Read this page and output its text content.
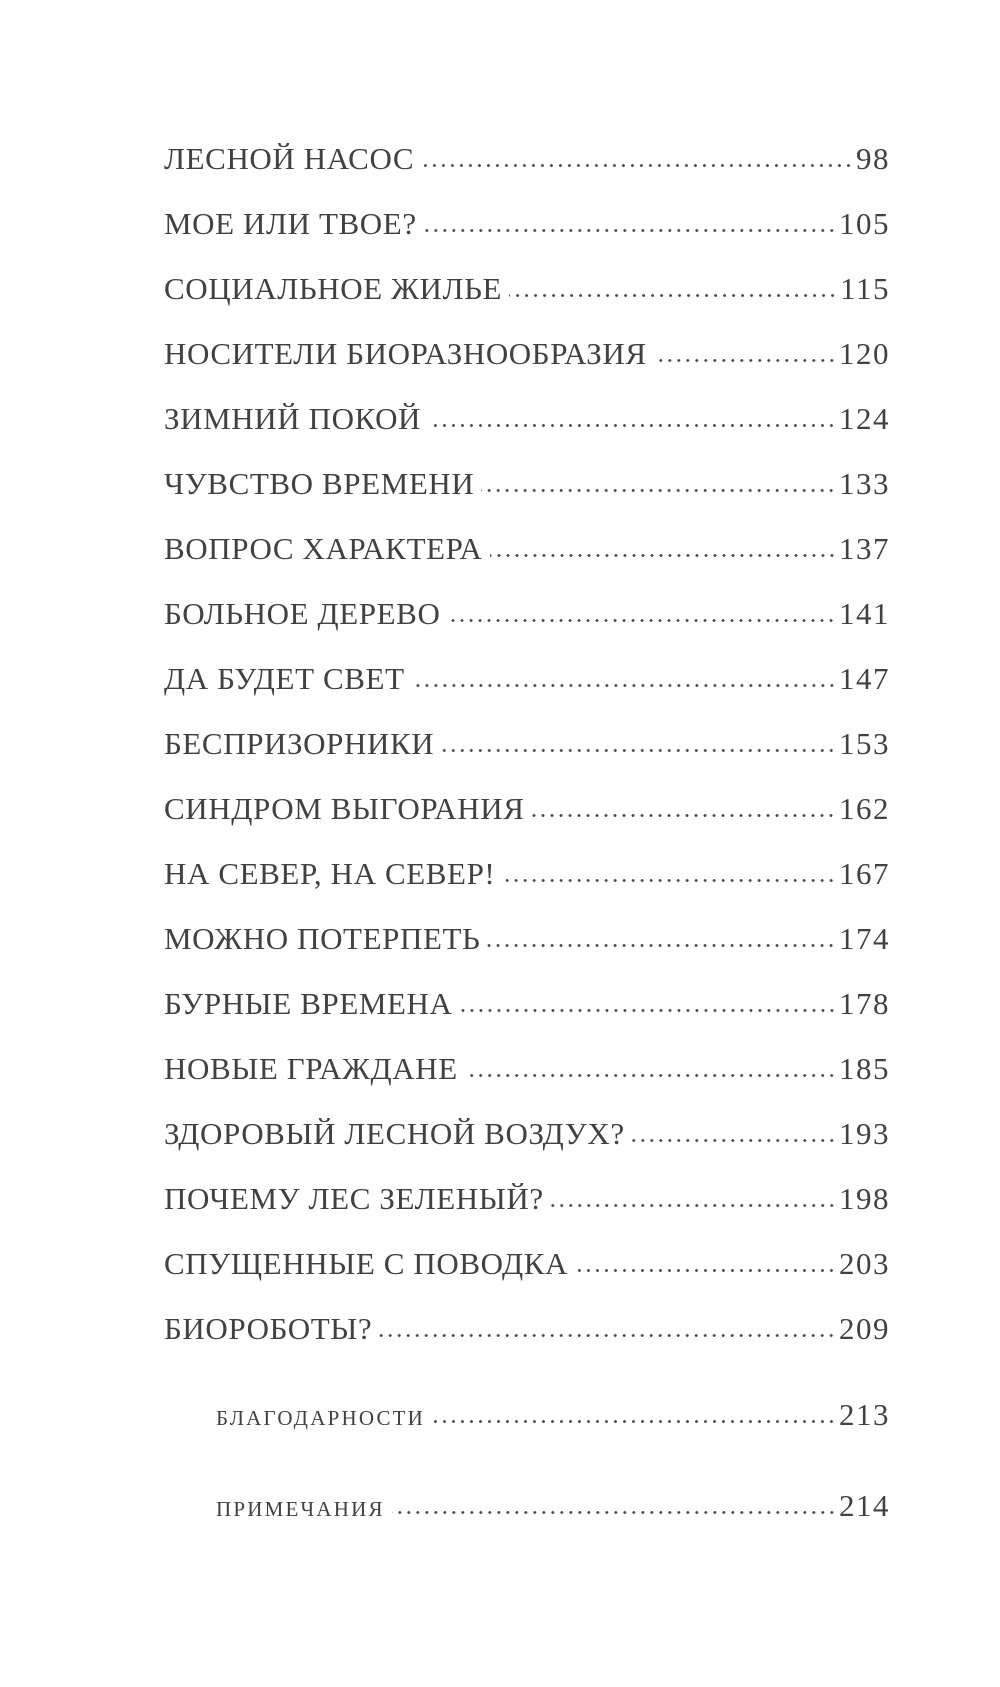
ЛЕСНОЙ НАСОС	98
МОЕ ИЛИ ТВОЕ?	105
СОЦИАЛЬНОЕ ЖИЛЬЕ	115
НОСИТЕЛИ БИОРАЗНООБРАЗИЯ	120
ЗИМНИЙ ПОКОЙ	124
ЧУВСТВО ВРЕМЕНИ	133
ВОПРОС ХАРАКТЕРА	137
БОЛЬНОЕ ДЕРЕВО	141
ДА БУДЕТ СВЕТ	147
БЕСПРИЗОРНИКИ	153
СИНДРОМ ВЫГОРАНИЯ	162
НА СЕВЕР, НА СЕВЕР!	167
МОЖНО ПОТЕРПЕТЬ	174
БУРНЫЕ ВРЕМЕНА	178
НОВЫЕ ГРАЖДАНЕ	185
ЗДОРОВЫЙ ЛЕСНОЙ ВОЗДУХ?	193
ПОЧЕМУ ЛЕС ЗЕЛЕНЫЙ?	198
СПУЩЕННЫЕ С ПОВОДКА	203
БИОРОБОТЫ?	209
БЛАГОДАРНОСТИ	213
ПРИМЕЧАНИЯ	214
